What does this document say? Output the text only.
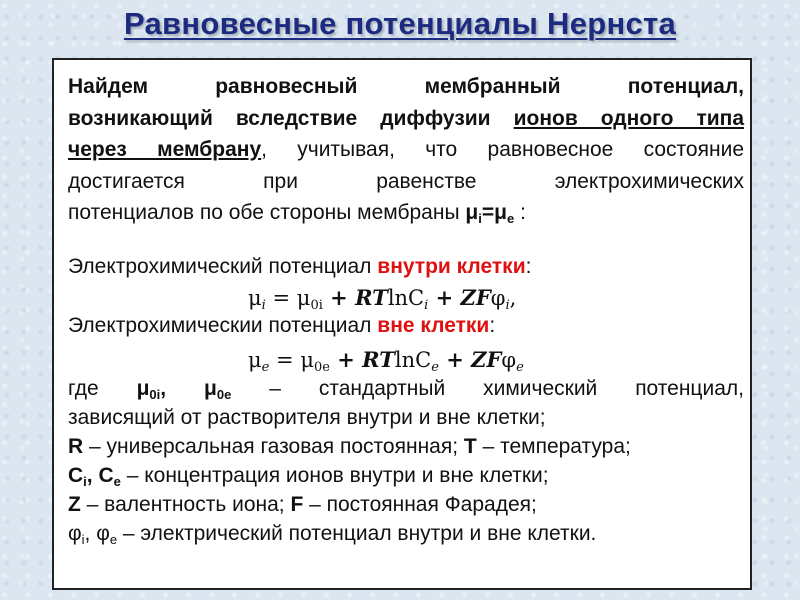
Равновесные потенциалы Нернста
Найдем	равновесный	мембранный	потенциал,
возникающий вследствие диффузии ионов одного типа
через мембрану, учитывая, что равновесное состояние
достигается	при	равенстве	электрохимических
потенциалов по обе стороны мембраны $\mu_i=\mu_e$ :
Электрохимический потенциал внутри клетки:
$\mu_i = \mu_{0i} + RTlnC_i + ZF\varphi_i$,
Электрохимическии потенциал вне клетки:
$\mu_e = \mu_{0e} + RTlnC_e + ZF\varphi_e$
где $\mu_{0i}$, $\mu_{0e}$ – стандартный химический потенциал,
зависящий от растворителя внутри и вне клетки;
R – универсальная газовая постоянная; T – температура;
$C_i$, $C_e$ – концентрация ионов внутри и вне клетки;
Z – валентность иона; F – постоянная Фарадея;
$\varphi_i$, $\varphi_e$ – электрический потенциал внутри и вне клетки.
